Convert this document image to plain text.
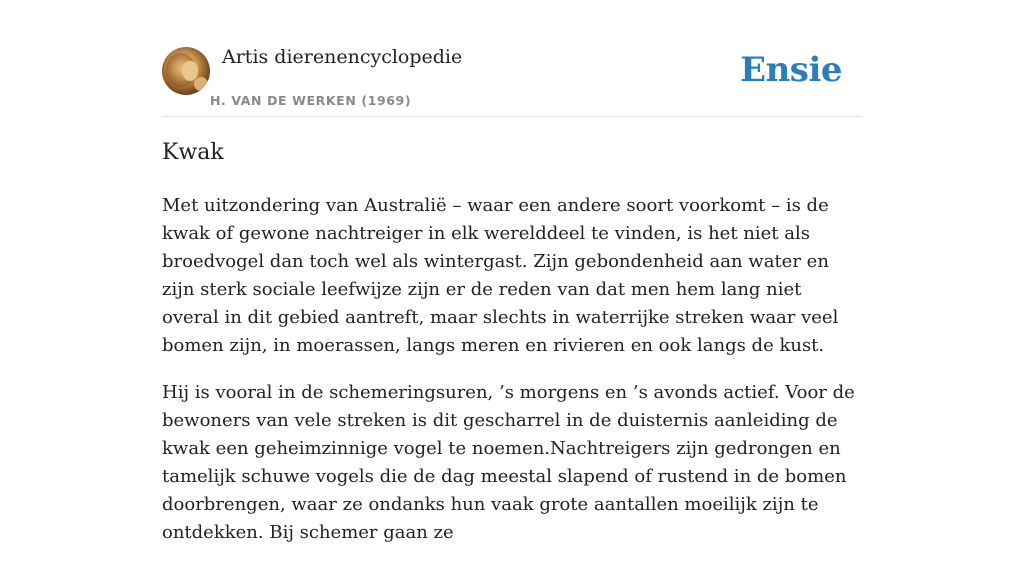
Artis dierenencyclopedie
H. VAN DE WERKEN (1969)
Ensie
Kwak

Met uitzondering van Australië – waar een andere soort voorkomt – is de kwak of gewone nachtreiger in elk werelddeel te vinden, is het niet als broedvogel dan toch wel als wintergast. Zijn gebondenheid aan water en zijn sterk sociale leefwijze zijn er de reden van dat men hem lang niet overal in dit gebied aantreft, maar slechts in waterrijke streken waar veel bomen zijn, in moerassen, langs meren en rivieren en ook langs de kust.

Hij is vooral in de schemeringsuren, ’s morgens en ’s avonds actief. Voor de bewoners van vele streken is dit gescharrel in de duisternis aanleiding de kwak een geheimzinnige vogel te noemen.Nachtreigers zijn gedrongen en tamelijk schuwe vogels die de dag meestal slapend of rustend in de bomen doorbrengen, waar ze ondanks hun vaak grote aantallen moeilijk zijn te ontdekken. Bij schemer gaan ze
